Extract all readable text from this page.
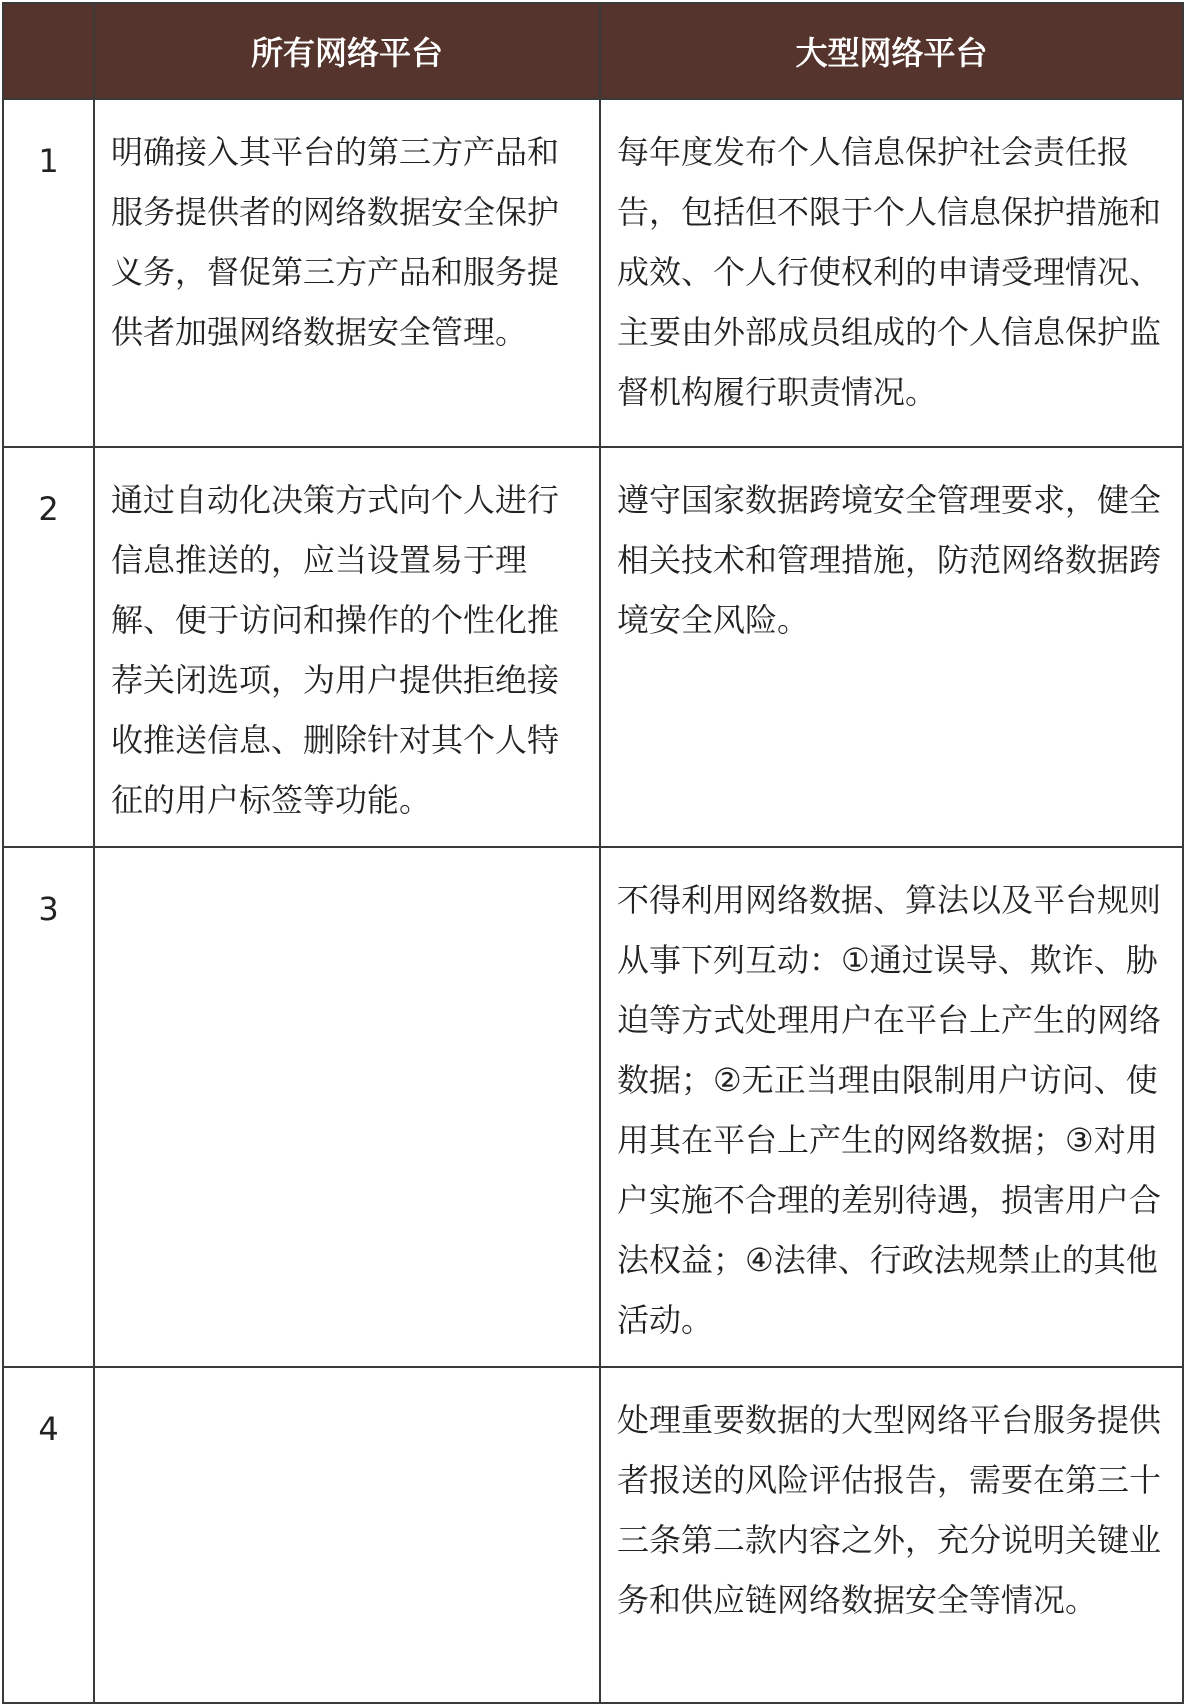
	所有网络平台	大型网络平台
1	明确接入其平台的第三方产品和服务提供者的网络数据安全保护义务，督促第三方产品和服务提供者加强网络数据安全管理。	每年度发布个人信息保护社会责任报告，包括但不限于个人信息保护措施和成效、个人行使权利的申请受理情况、主要由外部成员组成的个人信息保护监督机构履行职责情况。
2	通过自动化决策方式向个人进行信息推送的，应当设置易于理解、便于访问和操作的个性化推荐关闭选项，为用户提供拒绝接收推送信息、删除针对其个人特征的用户标签等功能。	遵守国家数据跨境安全管理要求，健全相关技术和管理措施，防范网络数据跨境安全风险。
3		不得利用网络数据、算法以及平台规则从事下列互动：①通过误导、欺诈、胁迫等方式处理用户在平台上产生的网络数据；②无正当理由限制用户访问、使用其在平台上产生的网络数据；③对用户实施不合理的差别待遇，损害用户合法权益；④法律、行政法规禁止的其他活动。
4		处理重要数据的大型网络平台服务提供者报送的风险评估报告，需要在第三十三条第二款内容之外，充分说明关键业务和供应链网络数据安全等情况。
